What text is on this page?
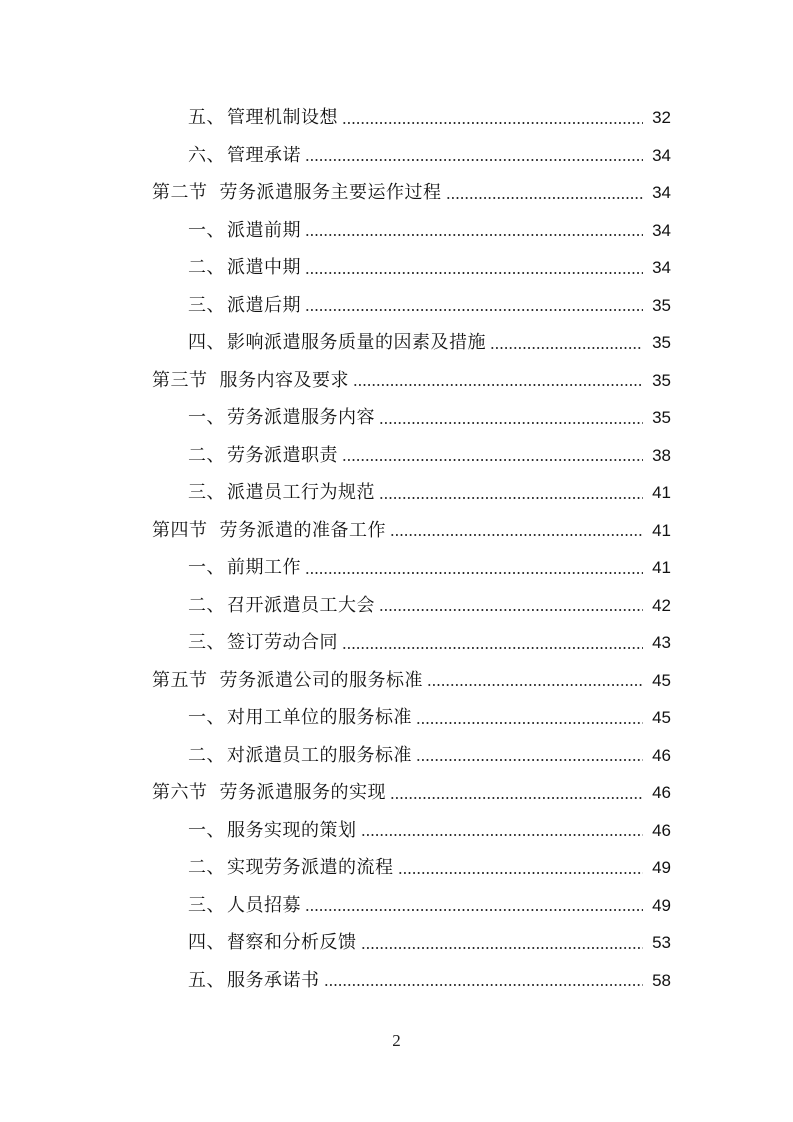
五、 管理机制设想	32
六、 管理承诺	34
第二节 劳务派遣服务主要运作过程	34
一、 派遣前期	34
二、 派遣中期	34
三、 派遣后期	35
四、 影响派遣服务质量的因素及措施	35
第三节 服务内容及要求	35
一、 劳务派遣服务内容	35
二、 劳务派遣职责	38
三、 派遣员工行为规范	41
第四节 劳务派遣的准备工作	41
一、 前期工作	41
二、 召开派遣员工大会	42
三、 签订劳动合同	43
第五节 劳务派遣公司的服务标准	45
一、 对用工单位的服务标准	45
二、 对派遣员工的服务标准	46
第六节 劳务派遣服务的实现	46
一、 服务实现的策划	46
二、 实现劳务派遣的流程	49
三、 人员招募	49
四、 督察和分析反馈	53
五、 服务承诺书	58
2
